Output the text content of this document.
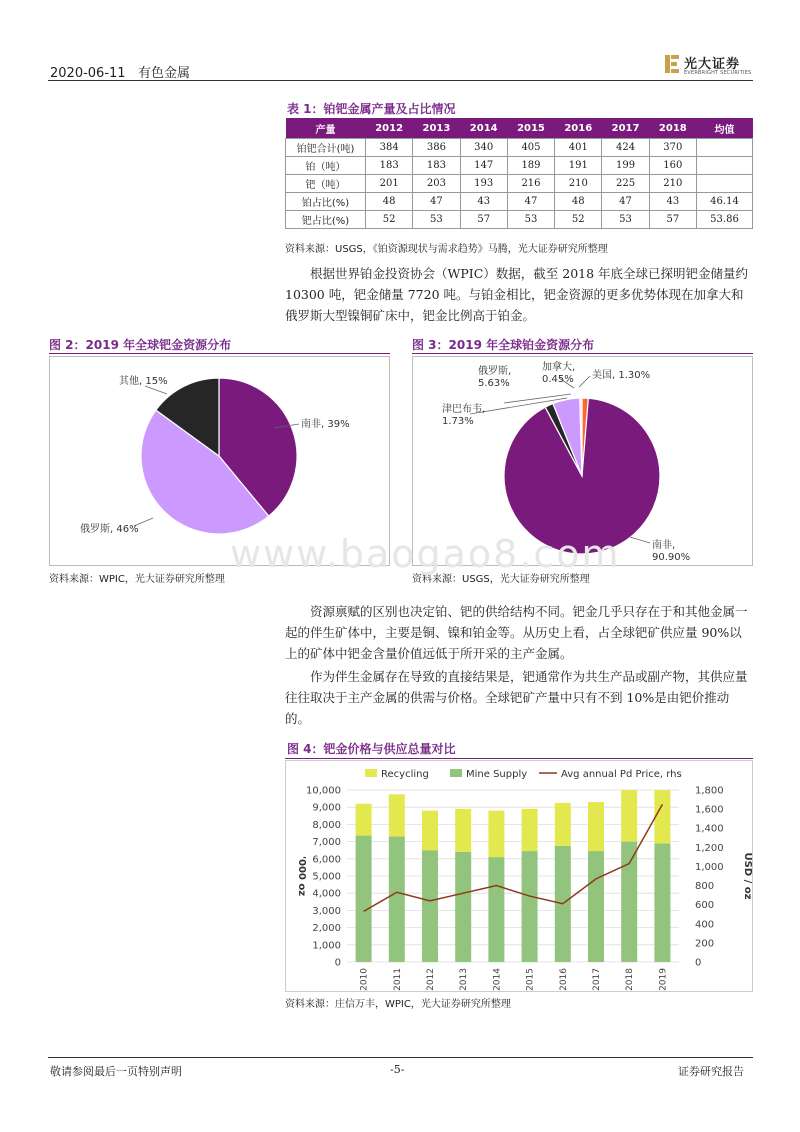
2020-06-11 有色金属
光大证券
EVERBRIGHT SECURITIES
表 1：铂钯金属产量及占比情况
产量	2012	2013	2014	2015	2016	2017	2018	均值
铂钯合计(吨)	384	386	340	405	401	424	370	
铂（吨）	183	183	147	189	191	199	160	
钯（吨）	201	203	193	216	210	225	210	
铂占比(%)	48	47	43	47	48	47	43	46.14
钯占比(%)	52	53	57	53	52	53	57	53.86
资料来源：USGS，《铂资源现状与需求趋势》马腾，光大证券研究所整理

根据世界铂金投资协会（WPIC）数据，截至 2018 年底全球已探明钯金储量约 10300 吨，钯金储量 7720 吨。与铂金相比，钯金资源的更多优势体现在加拿大和俄罗斯大型镍铜矿床中，钯金比例高于铂金。

图 2：2019 年全球钯金资源分布
其他, 15%
南非, 39%
俄罗斯, 46%
资料来源：WPIC，光大证券研究所整理
图 3：2019 年全球铂金资源分布
俄罗斯,
5.63%
加拿大,
0.45% 美国, 1.30%
津巴布韦,
1.73%
南非,
90.90%
资料来源：USGS，光大证券研究所整理
www.baogao8.com

资源禀赋的区别也决定铂、钯的供给结构不同。钯金几乎只存在于和其他金属一起的伴生矿体中，主要是铜、镍和铂金等。从历史上看，占全球钯矿供应量 90%以上的矿体中钯金含量价值远低于所开采的主产金属。

作为伴生金属存在导致的直接结果是，钯通常作为共生产品或副产物，其供应量往往取决于主产金属的供需与价格。全球钯矿产量中只有不到 10%是由钯价推动的。

图 4：钯金价格与供应总量对比
0
1,000
2,000
3,000
4,000
5,000
6,000
7,000
8,000
9,000
10,000
0
200
400
600
800
1,000
1,200
1,400
1,600
1,800
'000 oz	USD / oz
2010	2011	2012	2013	2014	2015	2016	2017	2018	2019
Recycling	Mine Supply	Avg annual Pd Price, rhs
资料来源：庄信万丰，WPIC，光大证券研究所整理
敬请参阅最后一页特别声明	-5-	证券研究报告
